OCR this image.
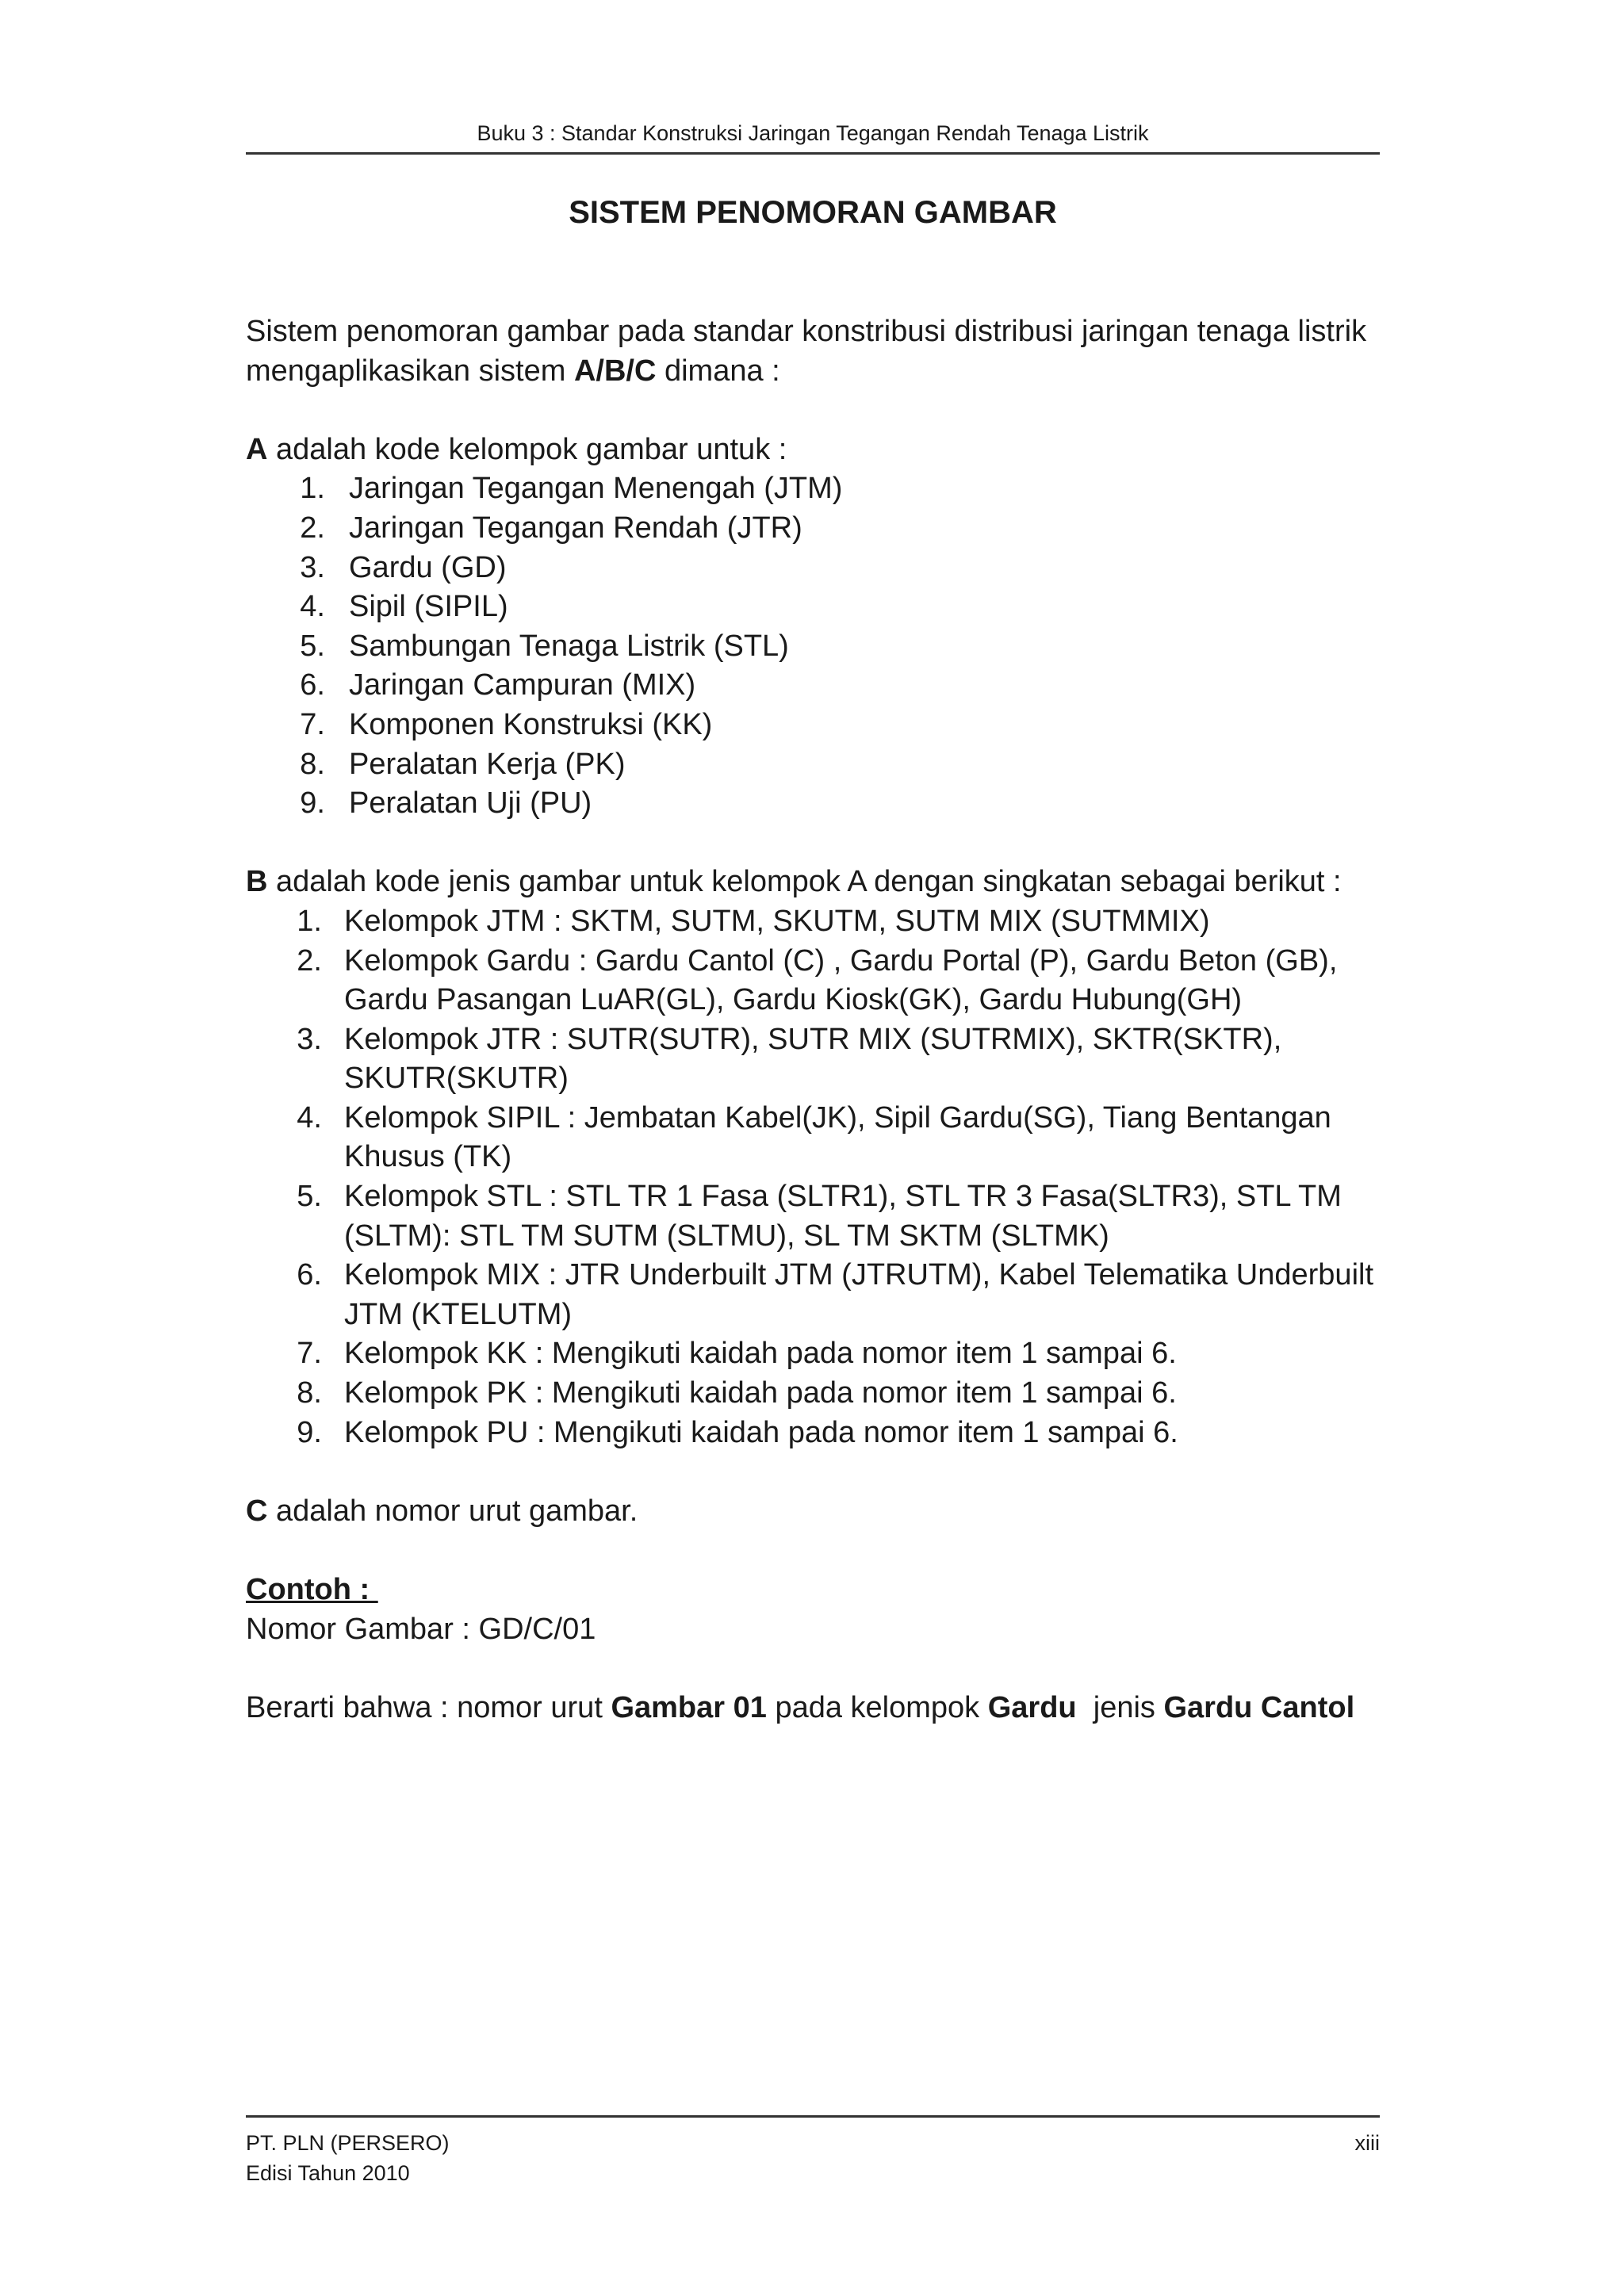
Buku 3 : Standar Konstruksi Jaringan Tegangan Rendah Tenaga Listrik
SISTEM PENOMORAN GAMBAR

Sistem penomoran gambar pada standar konstribusi distribusi jaringan tenaga listrik mengaplikasikan sistem A/B/C dimana :

A adalah kode kelompok gambar untuk :

1. Jaringan Tegangan Menengah (JTM)
2. Jaringan Tegangan Rendah (JTR)
3. Gardu (GD)
4. Sipil (SIPIL)
5. Sambungan Tenaga Listrik (STL)
6. Jaringan Campuran (MIX)
7. Komponen Konstruksi (KK)
8. Peralatan Kerja (PK)
9. Peralatan Uji (PU)

B adalah kode jenis gambar untuk kelompok A dengan singkatan sebagai berikut :

1. Kelompok JTM : SKTM, SUTM, SKUTM, SUTM MIX (SUTMMIX)
2. Kelompok Gardu : Gardu Cantol (C) , Gardu Portal (P), Gardu Beton (GB), Gardu Pasangan LuAR(GL), Gardu Kiosk(GK), Gardu Hubung(GH)
3. Kelompok JTR : SUTR(SUTR), SUTR MIX (SUTRMIX), SKTR(SKTR), SKUTR(SKUTR)
4. Kelompok SIPIL : Jembatan Kabel(JK), Sipil Gardu(SG), Tiang Bentangan Khusus (TK)
5. Kelompok STL : STL TR 1 Fasa (SLTR1), STL TR 3 Fasa(SLTR3), STL TM (SLTM): STL TM SUTM (SLTMU), SL TM SKTM (SLTMK)
6. Kelompok MIX : JTR Underbuilt JTM (JTRUTM), Kabel Telematika Underbuilt JTM (KTELUTM)
7. Kelompok KK : Mengikuti kaidah pada nomor item 1 sampai 6.
8. Kelompok PK : Mengikuti kaidah pada nomor item 1 sampai 6.
9. Kelompok PU : Mengikuti kaidah pada nomor item 1 sampai 6.

C adalah nomor urut gambar.

Contoh :

Nomor Gambar : GD/C/01

Berarti bahwa : nomor urut Gambar 01 pada kelompok Gardu  jenis Gardu Cantol

PT. PLN (PERSERO)
Edisi Tahun 2010
xiii
